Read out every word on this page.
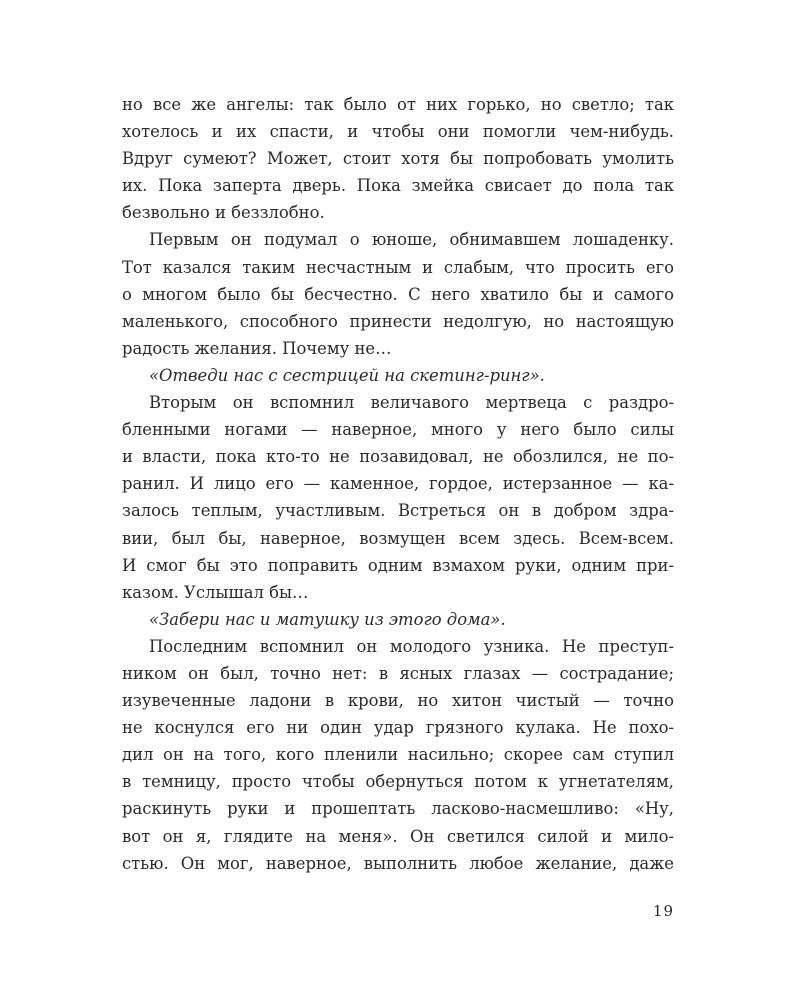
но все же ангелы: так было от них горько, но светло; так
хотелось и их спасти, и чтобы они помогли чем-нибудь.
Вдруг сумеют? Может, стоит хотя бы попробовать умолить
их. Пока заперта дверь. Пока змейка свисает до пола так
безвольно и беззлобно.
Первым он подумал о юноше, обнимавшем лошаденку.
Тот казался таким несчастным и слабым, что просить его
о многом было бы бесчестно. С него хватило бы и самого
маленького, способного принести недолгую, но настоящую
радость желания. Почему не…
«Отведи нас с сестрицей на скетинг-ринг».
Вторым он вспомнил величавого мертвеца с раздро-
бленными ногами — наверное, много у него было силы
и власти, пока кто-то не позавидовал, не обозлился, не по-
ранил. И лицо его — каменное, гордое, истерзанное — ка-
залось теплым, участливым. Встреться он в добром здра-
вии, был бы, наверное, возмущен всем здесь. Всем-всем.
И смог бы это поправить одним взмахом руки, одним при-
казом. Услышал бы…
«Забери нас и матушку из этого дома».
Последним вспомнил он молодого узника. Не преступ-
ником он был, точно нет: в ясных глазах — сострадание;
изувеченные ладони в крови, но хитон чистый — точно
не коснулся его ни один удар грязного кулака. Не похо-
дил он на того, кого пленили насильно; скорее сам ступил
в темницу, просто чтобы обернуться потом к угнетателям,
раскинуть руки и прошептать ласково-насмешливо: «Ну,
вот он я, глядите на меня». Он светился силой и мило-
стью. Он мог, наверное, выполнить любое желание, даже
19
